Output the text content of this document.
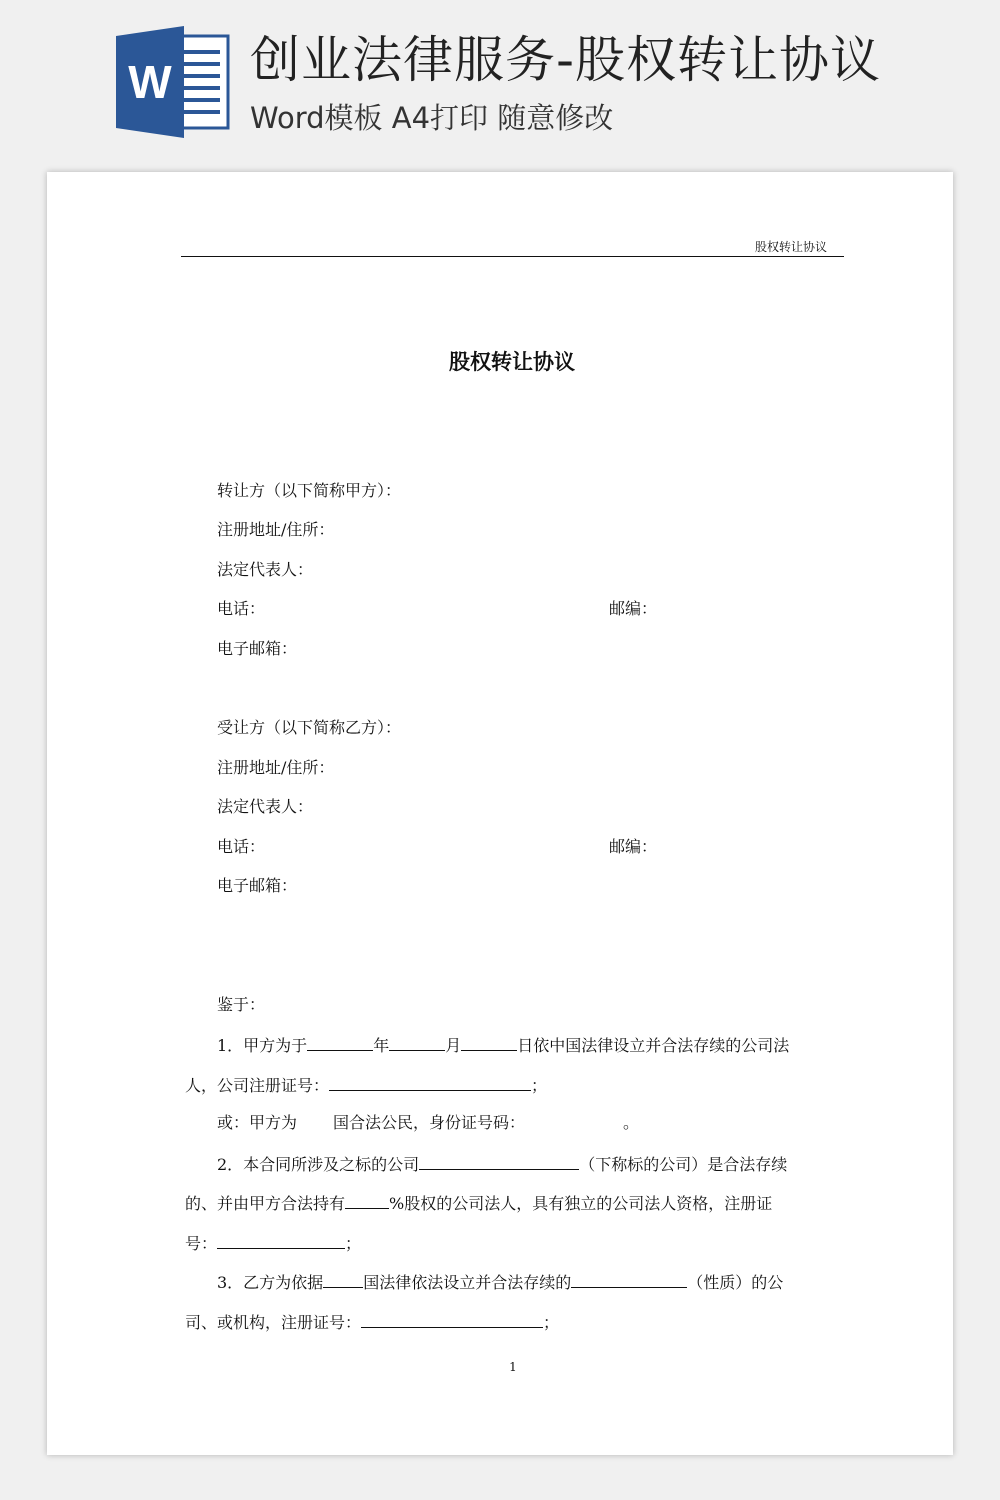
W 创业法律服务-股权转让协议
Word模板 A4打印 随意修改
股权转让协议
股权转让协议
转让方（以下简称甲方）：
注册地址/住所：
法定代表人：
电话：	邮编：
电子邮箱：
受让方（以下简称乙方）：
注册地址/住所：
法定代表人：
电话：	邮编：
电子邮箱：
鉴于：
1．甲方为于	年	月	日依中国法律设立并合法存续的公司法
人，公司注册证号：	；
或：甲方为 国合法公民，身份证号码：	。
2．本合同所涉及之标的公司	（下称标的公司）是合法存续
的、并由甲方合法持有	%股权的公司法人，具有独立的公司法人资格，注册证
号：	；
3．乙方为依据	国法律依法设立并合法存续的	（性质）的公
司、或机构，注册证号：	；
1
